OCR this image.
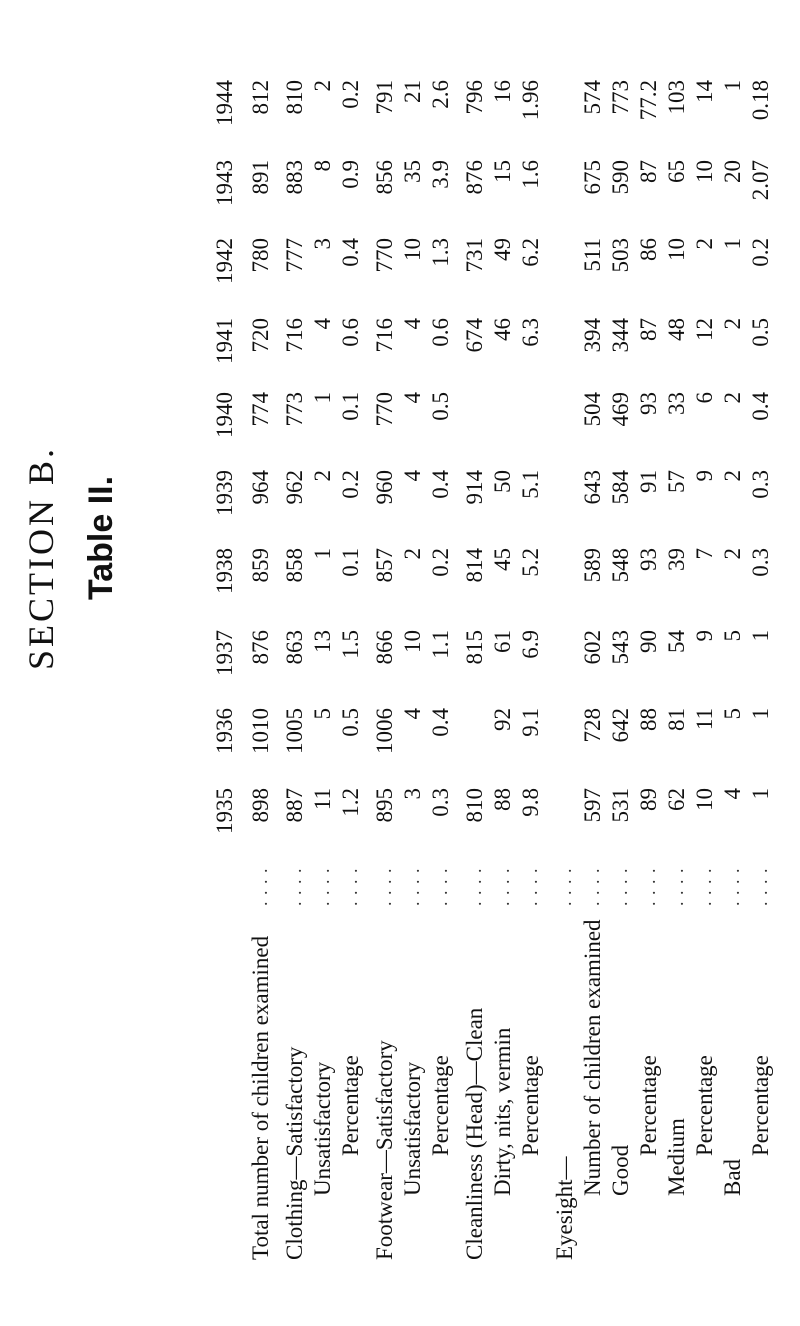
SECTION B. Table II.
1935
1936
1937
1938
1939
1940
1941
1942
1943
1944
Total number of children examined
. . . .
898
1010
876
859
964
774
720
780
891
812
Clothing—Satisfactory
. . . .
887
1005
863
858
962
773
716
777
883
810
Unsatisfactory
. . . .
11
5
13
1
2
1
4
3
8
2
Percentage
. . . .
1.2
0.5
1.5
0.1
0.2
0.1
0.6
0.4
0.9
0.2
Footwear—Satisfactory
. . . .
895
1006
866
857
960
770
716
770
856
791
Unsatisfactory
. . . .
3
4
10
2
4
4
4
10
35
21
Percentage
. . . .
0.3
0.4
1.1
0.2
0.4
0.5
0.6
1.3
3.9
2.6
Cleanliness (Head)—Clean
. . . .
810
815
814
914
674
731
876
796
Dirty, nits, vermin
. . . .
88
92
61
45
50
46
49
15
16
Percentage
. . . .
9.8
9.1
6.9
5.2
5.1
6.3
6.2
1.6
1.96
Eyesight—
. . . .
Number of children examined
. . . .
597
728
602
589
643
504
394
511
675
574
Good
. . . .
531
642
543
548
584
469
344
503
590
773
Percentage
. . . .
89
88
90
93
91
93
87
86
87
77.2
Medium
. . . .
62
81
54
39
57
33
48
10
65
103
Percentage
. . . .
10
11
9
7
9
6
12
2
10
14
Bad
. . . .
4
5
5
2
2
2
2
1
20
1
Percentage
. . . .
1
1
1
0.3
0.3
0.4
0.5
0.2
2.07
0.18
